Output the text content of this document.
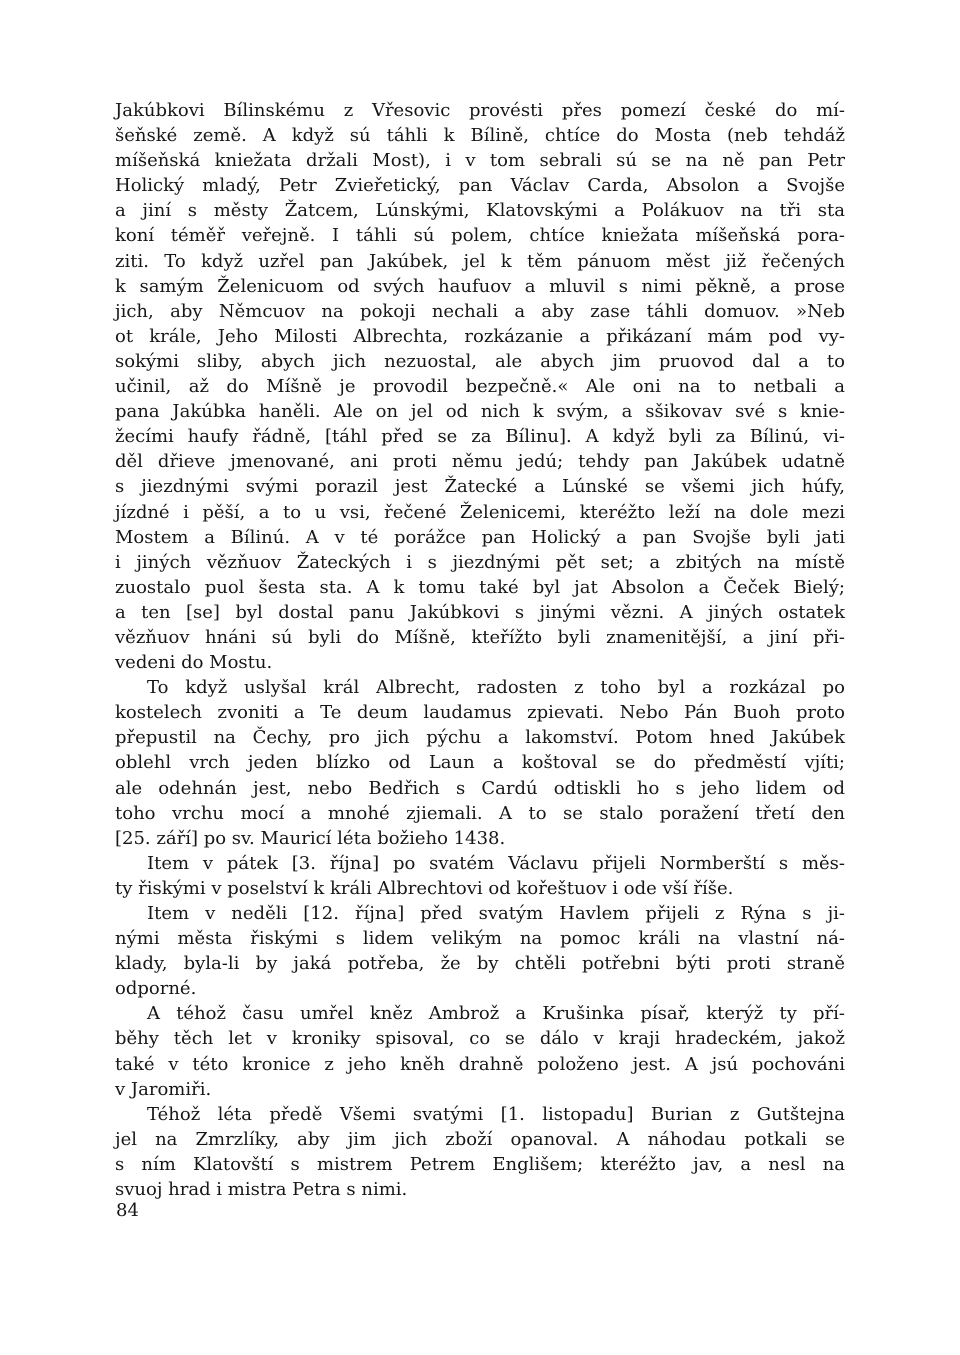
Jakúbkovi Bílinskému z Vřesovic provésti přes pomezí české do mí-
šeňské země. A když sú táhli k Bílině, chtíce do Mosta (neb tehdáž
míšeňská kniežata držali Most), i v tom sebrali sú se na ně pan Petr
Holický mladý, Petr Zvieřetický, pan Václav Carda, Absolon a Svojše
a jiní s městy Žatcem, Lúnskými, Klatovskými a Polákuov na tři sta
koní téměř veřejně. I táhli sú polem, chtíce kniežata míšeňská pora-
ziti. To když uzřel pan Jakúbek, jel k těm pánuom měst již řečených
k samým Želenicuom od svých haufuov a mluvil s nimi pěkně, a prose
jich, aby Němcuov na pokoji nechali a aby zase táhli domuov. »Neb
ot krále, Jeho Milosti Albrechta, rozkázanie a přikázaní mám pod vy-
sokými sliby, abych jich nezuostal, ale abych jim pruovod dal a to
učinil, až do Míšně je provodil bezpečně.« Ale oni na to netbali a
pana Jakúbka haněli. Ale on jel od nich k svým, a sšikovav své s knie-
žecími haufy řádně, [táhl před se za Bílinu]. A když byli za Bílinú, vi-
děl dřieve jmenované, ani proti němu jedú; tehdy pan Jakúbek udatně
s jiezdnými svými porazil jest Žatecké a Lúnské se všemi jich húfy,
jízdné i pěší, a to u vsi, řečené Želenicemi, kteréžto leží na dole mezi
Mostem a Bílinú. A v té porážce pan Holický a pan Svojše byli jati
i jiných vězňuov Žateckých i s jiezdnými pět set; a zbitých na místě
zuostalo puol šesta sta. A k tomu také byl jat Absolon a Čeček Bielý;
a ten [se] byl dostal panu Jakúbkovi s jinými vězni. A jiných ostatek
vězňuov hnáni sú byli do Míšně, kteřížto byli znamenitější, a jiní při-
vedeni do Mostu.
To když uslyšal král Albrecht, radosten z toho byl a rozkázal po
kostelech zvoniti a Te deum laudamus zpievati. Nebo Pán Buoh proto
přepustil na Čechy, pro jich pýchu a lakomství. Potom hned Jakúbek
oblehl vrch jeden blízko od Laun a koštoval se do předměstí vjíti;
ale odehnán jest, nebo Bedřich s Cardú odtiskli ho s jeho lidem od
toho vrchu mocí a mnohé zjiemali. A to se stalo poražení třetí den
[25. září] po sv. Mauricí léta božieho 1438.
Item v pátek [3. října] po svatém Václavu přijeli Normberští s měs-
ty řiskými v poselství k králi Albrechtovi od kořeštuov i ode vší říše.
Item v neděli [12. října] před svatým Havlem přijeli z Rýna s ji-
nými města řiskými s lidem velikým na pomoc králi na vlastní ná-
klady, byla-li by jaká potřeba, že by chtěli potřebni býti proti straně
odporné.
A téhož času umřel kněz Ambrož a Krušinka písař, kterýž ty pří-
běhy těch let v kroniky spisoval, co se dálo v kraji hradeckém, jakož
také v této kronice z jeho kněh drahně položeno jest. A jsú pochováni
v Jaromiři.
Téhož léta předě Všemi svatými [1. listopadu] Burian z Gutštejna
jel na Zmrzlíky, aby jim jich zboží opanoval. A náhodau potkali se
s ním Klatovští s mistrem Petrem Englišem; kteréžto jav, a nesl na
svuoj hrad i mistra Petra s nimi.
84
